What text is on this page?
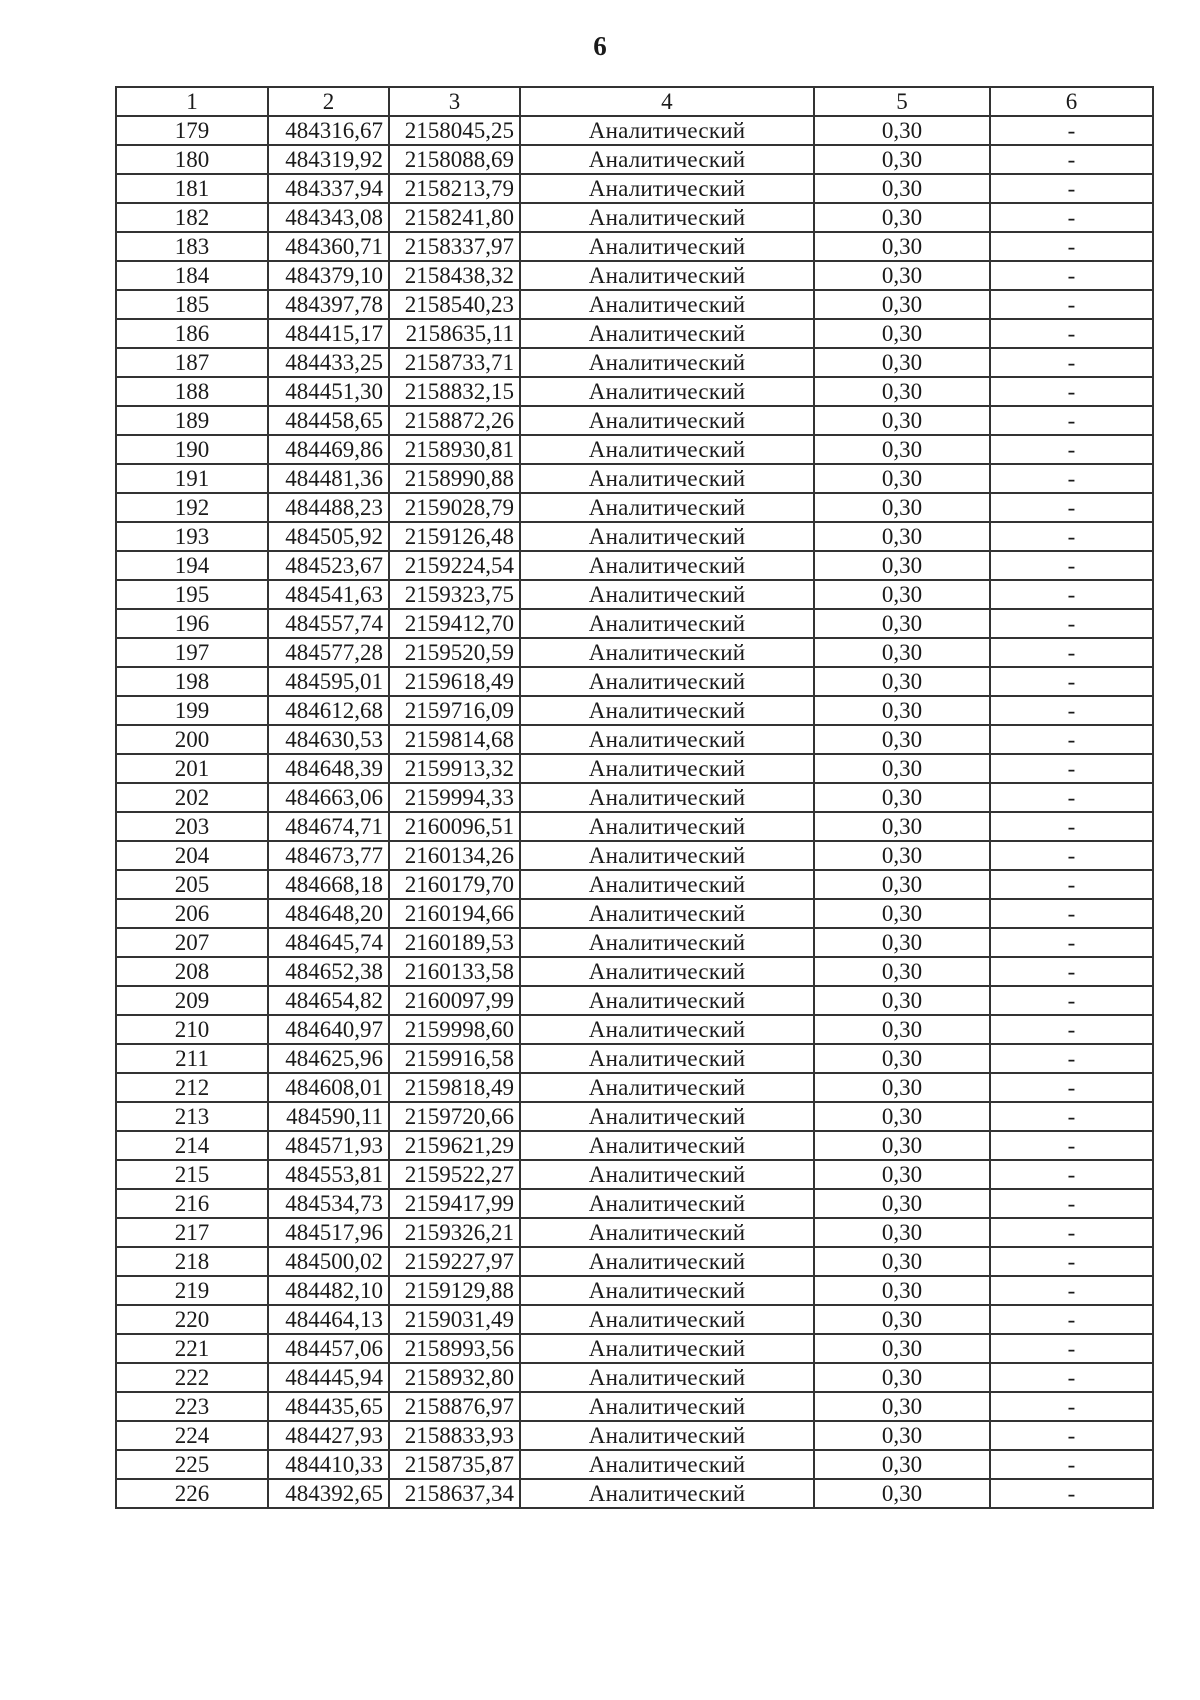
6
1	2	3	4	5	6
179	484316,67	2158045,25	Аналитический	0,30	-
180	484319,92	2158088,69	Аналитический	0,30	-
181	484337,94	2158213,79	Аналитический	0,30	-
182	484343,08	2158241,80	Аналитический	0,30	-
183	484360,71	2158337,97	Аналитический	0,30	-
184	484379,10	2158438,32	Аналитический	0,30	-
185	484397,78	2158540,23	Аналитический	0,30	-
186	484415,17	2158635,11	Аналитический	0,30	-
187	484433,25	2158733,71	Аналитический	0,30	-
188	484451,30	2158832,15	Аналитический	0,30	-
189	484458,65	2158872,26	Аналитический	0,30	-
190	484469,86	2158930,81	Аналитический	0,30	-
191	484481,36	2158990,88	Аналитический	0,30	-
192	484488,23	2159028,79	Аналитический	0,30	-
193	484505,92	2159126,48	Аналитический	0,30	-
194	484523,67	2159224,54	Аналитический	0,30	-
195	484541,63	2159323,75	Аналитический	0,30	-
196	484557,74	2159412,70	Аналитический	0,30	-
197	484577,28	2159520,59	Аналитический	0,30	-
198	484595,01	2159618,49	Аналитический	0,30	-
199	484612,68	2159716,09	Аналитический	0,30	-
200	484630,53	2159814,68	Аналитический	0,30	-
201	484648,39	2159913,32	Аналитический	0,30	-
202	484663,06	2159994,33	Аналитический	0,30	-
203	484674,71	2160096,51	Аналитический	0,30	-
204	484673,77	2160134,26	Аналитический	0,30	-
205	484668,18	2160179,70	Аналитический	0,30	-
206	484648,20	2160194,66	Аналитический	0,30	-
207	484645,74	2160189,53	Аналитический	0,30	-
208	484652,38	2160133,58	Аналитический	0,30	-
209	484654,82	2160097,99	Аналитический	0,30	-
210	484640,97	2159998,60	Аналитический	0,30	-
211	484625,96	2159916,58	Аналитический	0,30	-
212	484608,01	2159818,49	Аналитический	0,30	-
213	484590,11	2159720,66	Аналитический	0,30	-
214	484571,93	2159621,29	Аналитический	0,30	-
215	484553,81	2159522,27	Аналитический	0,30	-
216	484534,73	2159417,99	Аналитический	0,30	-
217	484517,96	2159326,21	Аналитический	0,30	-
218	484500,02	2159227,97	Аналитический	0,30	-
219	484482,10	2159129,88	Аналитический	0,30	-
220	484464,13	2159031,49	Аналитический	0,30	-
221	484457,06	2158993,56	Аналитический	0,30	-
222	484445,94	2158932,80	Аналитический	0,30	-
223	484435,65	2158876,97	Аналитический	0,30	-
224	484427,93	2158833,93	Аналитический	0,30	-
225	484410,33	2158735,87	Аналитический	0,30	-
226	484392,65	2158637,34	Аналитический	0,30	-
